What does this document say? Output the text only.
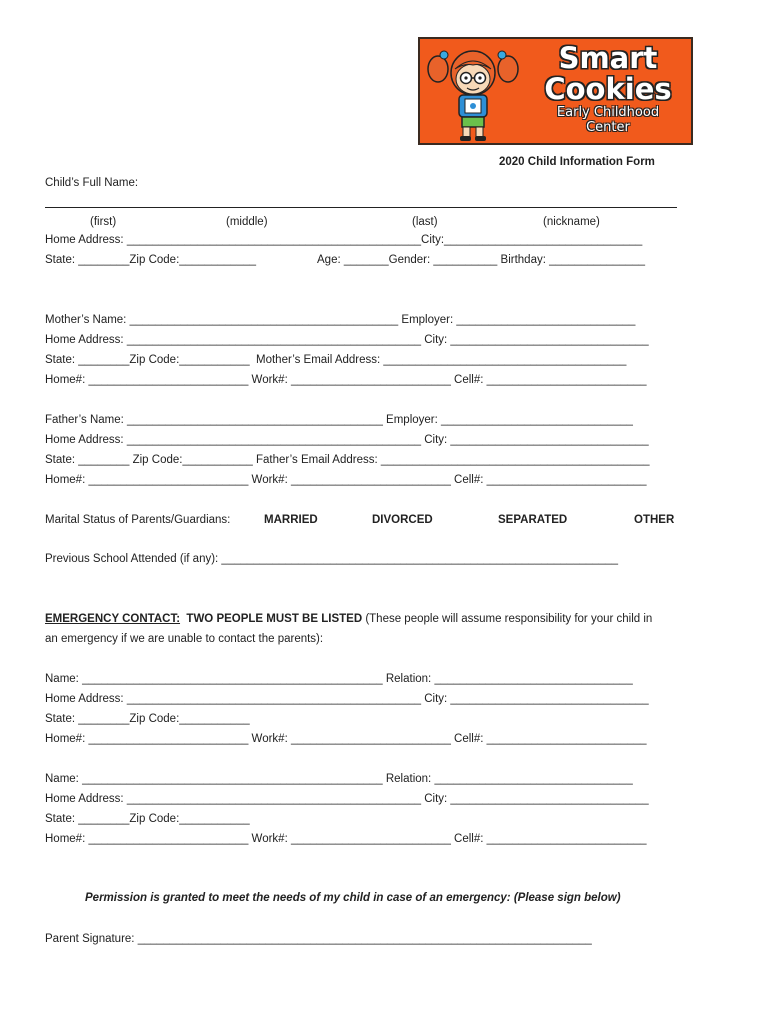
Smart
Cookies
Early Childhood
Center
2020 Child Information Form
Child’s Full Name:
(first)	(middle)	(last)	(nickname)
Home Address: ______________________________________________City:_______________________________
State: ________Zip Code:____________	Age: _______Gender: __________ Birthday: _______________
Mother’s Name: __________________________________________ Employer: ____________________________
Home Address: ______________________________________________ City: _______________________________
State: ________Zip Code:___________  Mother’s Email Address: ______________________________________
Home#: _________________________ Work#: _________________________ Cell#: _________________________
Father’s Name: ________________________________________ Employer: ______________________________
Home Address: ______________________________________________ City: _______________________________
State: ________ Zip Code:___________ Father’s Email Address: __________________________________________
Home#: _________________________ Work#: _________________________ Cell#: _________________________
Marital Status of Parents/Guardians:	MARRIED	DIVORCED	SEPARATED	OTHER
Previous School Attended (if any): ______________________________________________________________
EMERGENCY CONTACT: TWO PEOPLE MUST BE LISTED (These people will assume responsibility for your child in
an emergency if we are unable to contact the parents):
Name: _______________________________________________ Relation: _______________________________
Home Address: ______________________________________________ City: _______________________________
State: ________Zip Code:___________
Home#: _________________________ Work#: _________________________ Cell#: _________________________
Name: _______________________________________________ Relation: _______________________________
Home Address: ______________________________________________ City: _______________________________
State: ________Zip Code:___________
Home#: _________________________ Work#: _________________________ Cell#: _________________________
Permission is granted to meet the needs of my child in case of an emergency: (Please sign below)
Parent Signature: _______________________________________________________________________
